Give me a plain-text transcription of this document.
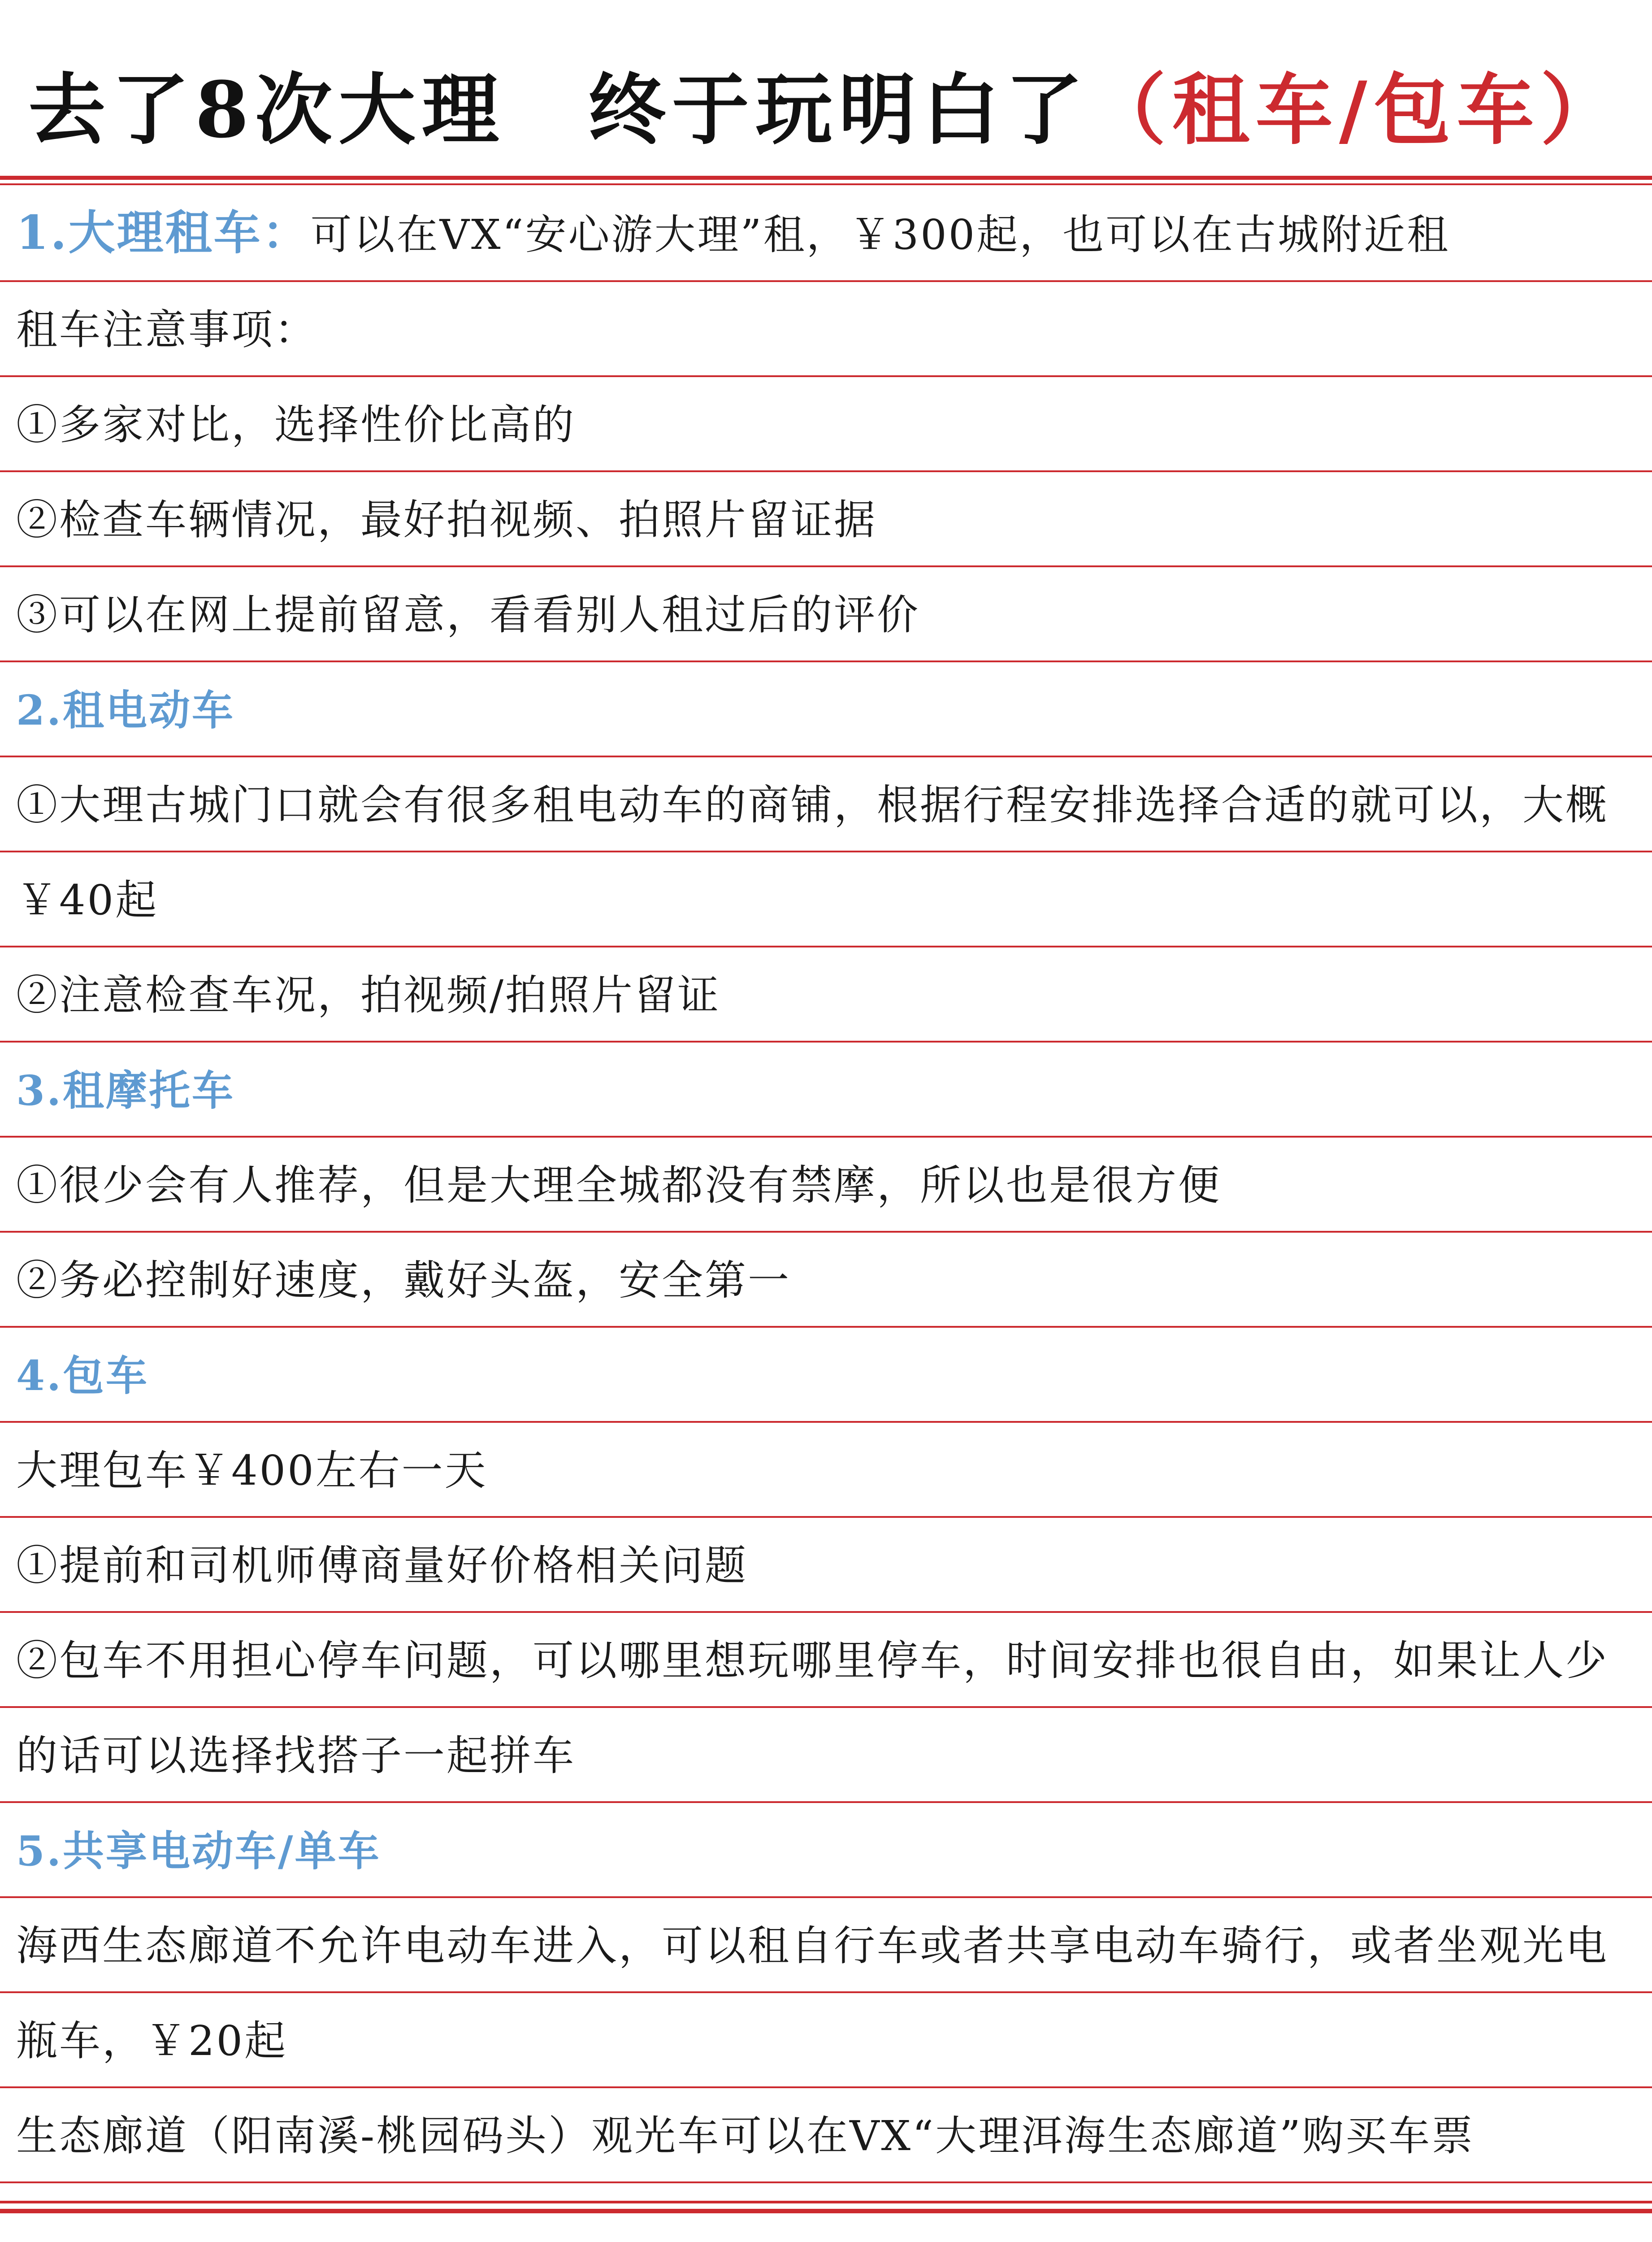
去了8次大理　终于玩明白了（租车/包车）
1.大理租车：可以在VX“安心游大理”租，￥300起，也可以在古城附近租
租车注意事项：
①多家对比，选择性价比高的
②检查车辆情况，最好拍视频、拍照片留证据
③可以在网上提前留意，看看别人租过后的评价
2.租电动车
①大理古城门口就会有很多租电动车的商铺，根据行程安排选择合适的就可以，大概
￥40起
②注意检查车况，拍视频/拍照片留证
3.租摩托车
①很少会有人推荐，但是大理全城都没有禁摩，所以也是很方便
②务必控制好速度，戴好头盔，安全第一
4.包车
大理包车￥400左右一天
①提前和司机师傅商量好价格相关问题
②包车不用担心停车问题，可以哪里想玩哪里停车，时间安排也很自由，如果让人少
的话可以选择找搭子一起拼车
5.共享电动车/单车
海西生态廊道不允许电动车进入，可以租自行车或者共享电动车骑行，或者坐观光电
瓶车，￥20起
生态廊道（阳南溪-桃园码头）观光车可以在VX“大理洱海生态廊道”购买车票
